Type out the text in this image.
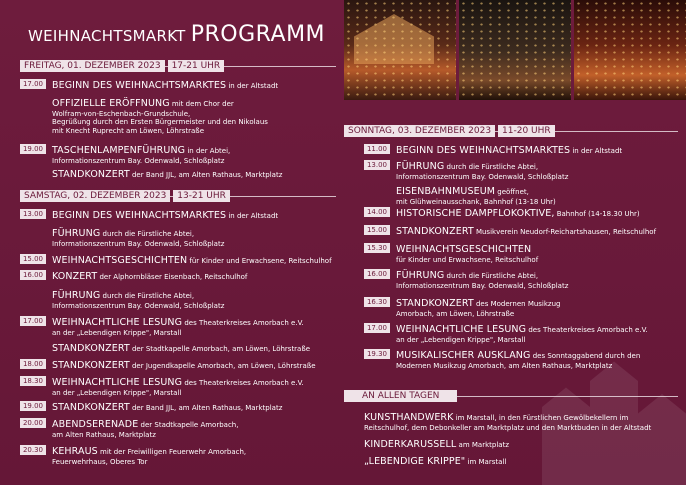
WEIHNACHTSMARKT PROGRAMM
FREITAG, 01. DEZEMBER 2023	17-21 UHR
17.00 BEGINN DES WEIHNACHTSMARKTES in der Altstadt
OFFIZIELLE ERÖFFNUNG mit dem Chor der
Wolfram-von-Eschenbach-Grundschule,
Begrüßung durch den Ersten Bürgermeister und den Nikolaus
mit Knecht Ruprecht am Löwen, Löhrstraße
19.00 TASCHENLAMPENFÜHRUNG in der Abtei,
Informationszentrum Bay. Odenwald, Schloßplatz
STANDKONZERT der Band JJL, am Alten Rathaus, Marktplatz
SAMSTAG, 02. DEZEMBER 2023	13-21 UHR
13.00 BEGINN DES WEIHNACHTSMARKTES in der Altstadt
FÜHRUNG durch die Fürstliche Abtei,
Informationszentrum Bay. Odenwald, Schloßplatz
15.00 WEIHNACHTSGESCHICHTEN für Kinder und Erwachsene, Reitschulhof
16.00 KONZERT der Alphornbläser Eisenbach, Reitschulhof
FÜHRUNG durch die Fürstliche Abtei,
Informationszentrum Bay. Odenwald, Schloßplatz
17.00 WEIHNACHTLICHE LESUNG des Theaterkreises Amorbach e.V.
an der „Lebendigen Krippe", Marstall
STANDKONZERT der Stadtkapelle Amorbach, am Löwen, Löhrstraße
18.00 STANDKONZERT der Jugendkapelle Amorbach, am Löwen, Löhrstraße
18.30 WEIHNACHTLICHE LESUNG des Theaterkreises Amorbach e.V.
an der „Lebendigen Krippe", Marstall
19.00 STANDKONZERT der Band JJL, am Alten Rathaus, Marktplatz
20.00 ABENDSERENADE der Stadtkapelle Amorbach,
am Alten Rathaus, Marktplatz
20.30 KEHRAUS mit der Freiwilligen Feuerwehr Amorbach,
Feuerwehrhaus, Oberes Tor
SONNTAG, 03. DEZEMBER 2023	11-20 UHR
11.00 BEGINN DES WEIHNACHTSMARKTES in der Altstadt
13.00 FÜHRUNG durch die Fürstliche Abtei,
Informationszentrum Bay. Odenwald, Schloßplatz
EISENBAHNMUSEUM geöffnet,
mit Glühweinausschank, Bahnhof (13-18 Uhr)
14.00 HISTORISCHE DAMPFLOKOKTIVE, Bahnhof (14-18.30 Uhr)
15.00 STANDKONZERT Musikverein Neudorf-Reichartshausen, Reitschulhof
15.30 WEIHNACHTSGESCHICHTEN
für Kinder und Erwachsene, Reitschulhof
16.00 FÜHRUNG durch die Fürstliche Abtei,
Informationszentrum Bay. Odenwald, Schloßplatz
16.30 STANDKONZERT des Modernen Musikzug
Amorbach, am Löwen, Löhrstraße
17.00 WEIHNACHTLICHE LESUNG des Theaterkreises Amorbach e.V.
an der „Lebendigen Krippe", Marstall
19.30 MUSIKALISCHER AUSKLANG des Sonntaggabend durch den
Modernen Musikzug Amorbach, am Alten Rathaus, Marktplatz
AN ALLEN TAGEN
KUNSTHANDWERK im Marstall, in den Fürstlichen Gewölbekellern im
Reitschulhof, dem Debonkeller am Marktplatz und den Marktbuden in der Altstadt
KINDERKARUSSELL am Marktplatz
„LEBENDIGE KRIPPE" im Marstall
